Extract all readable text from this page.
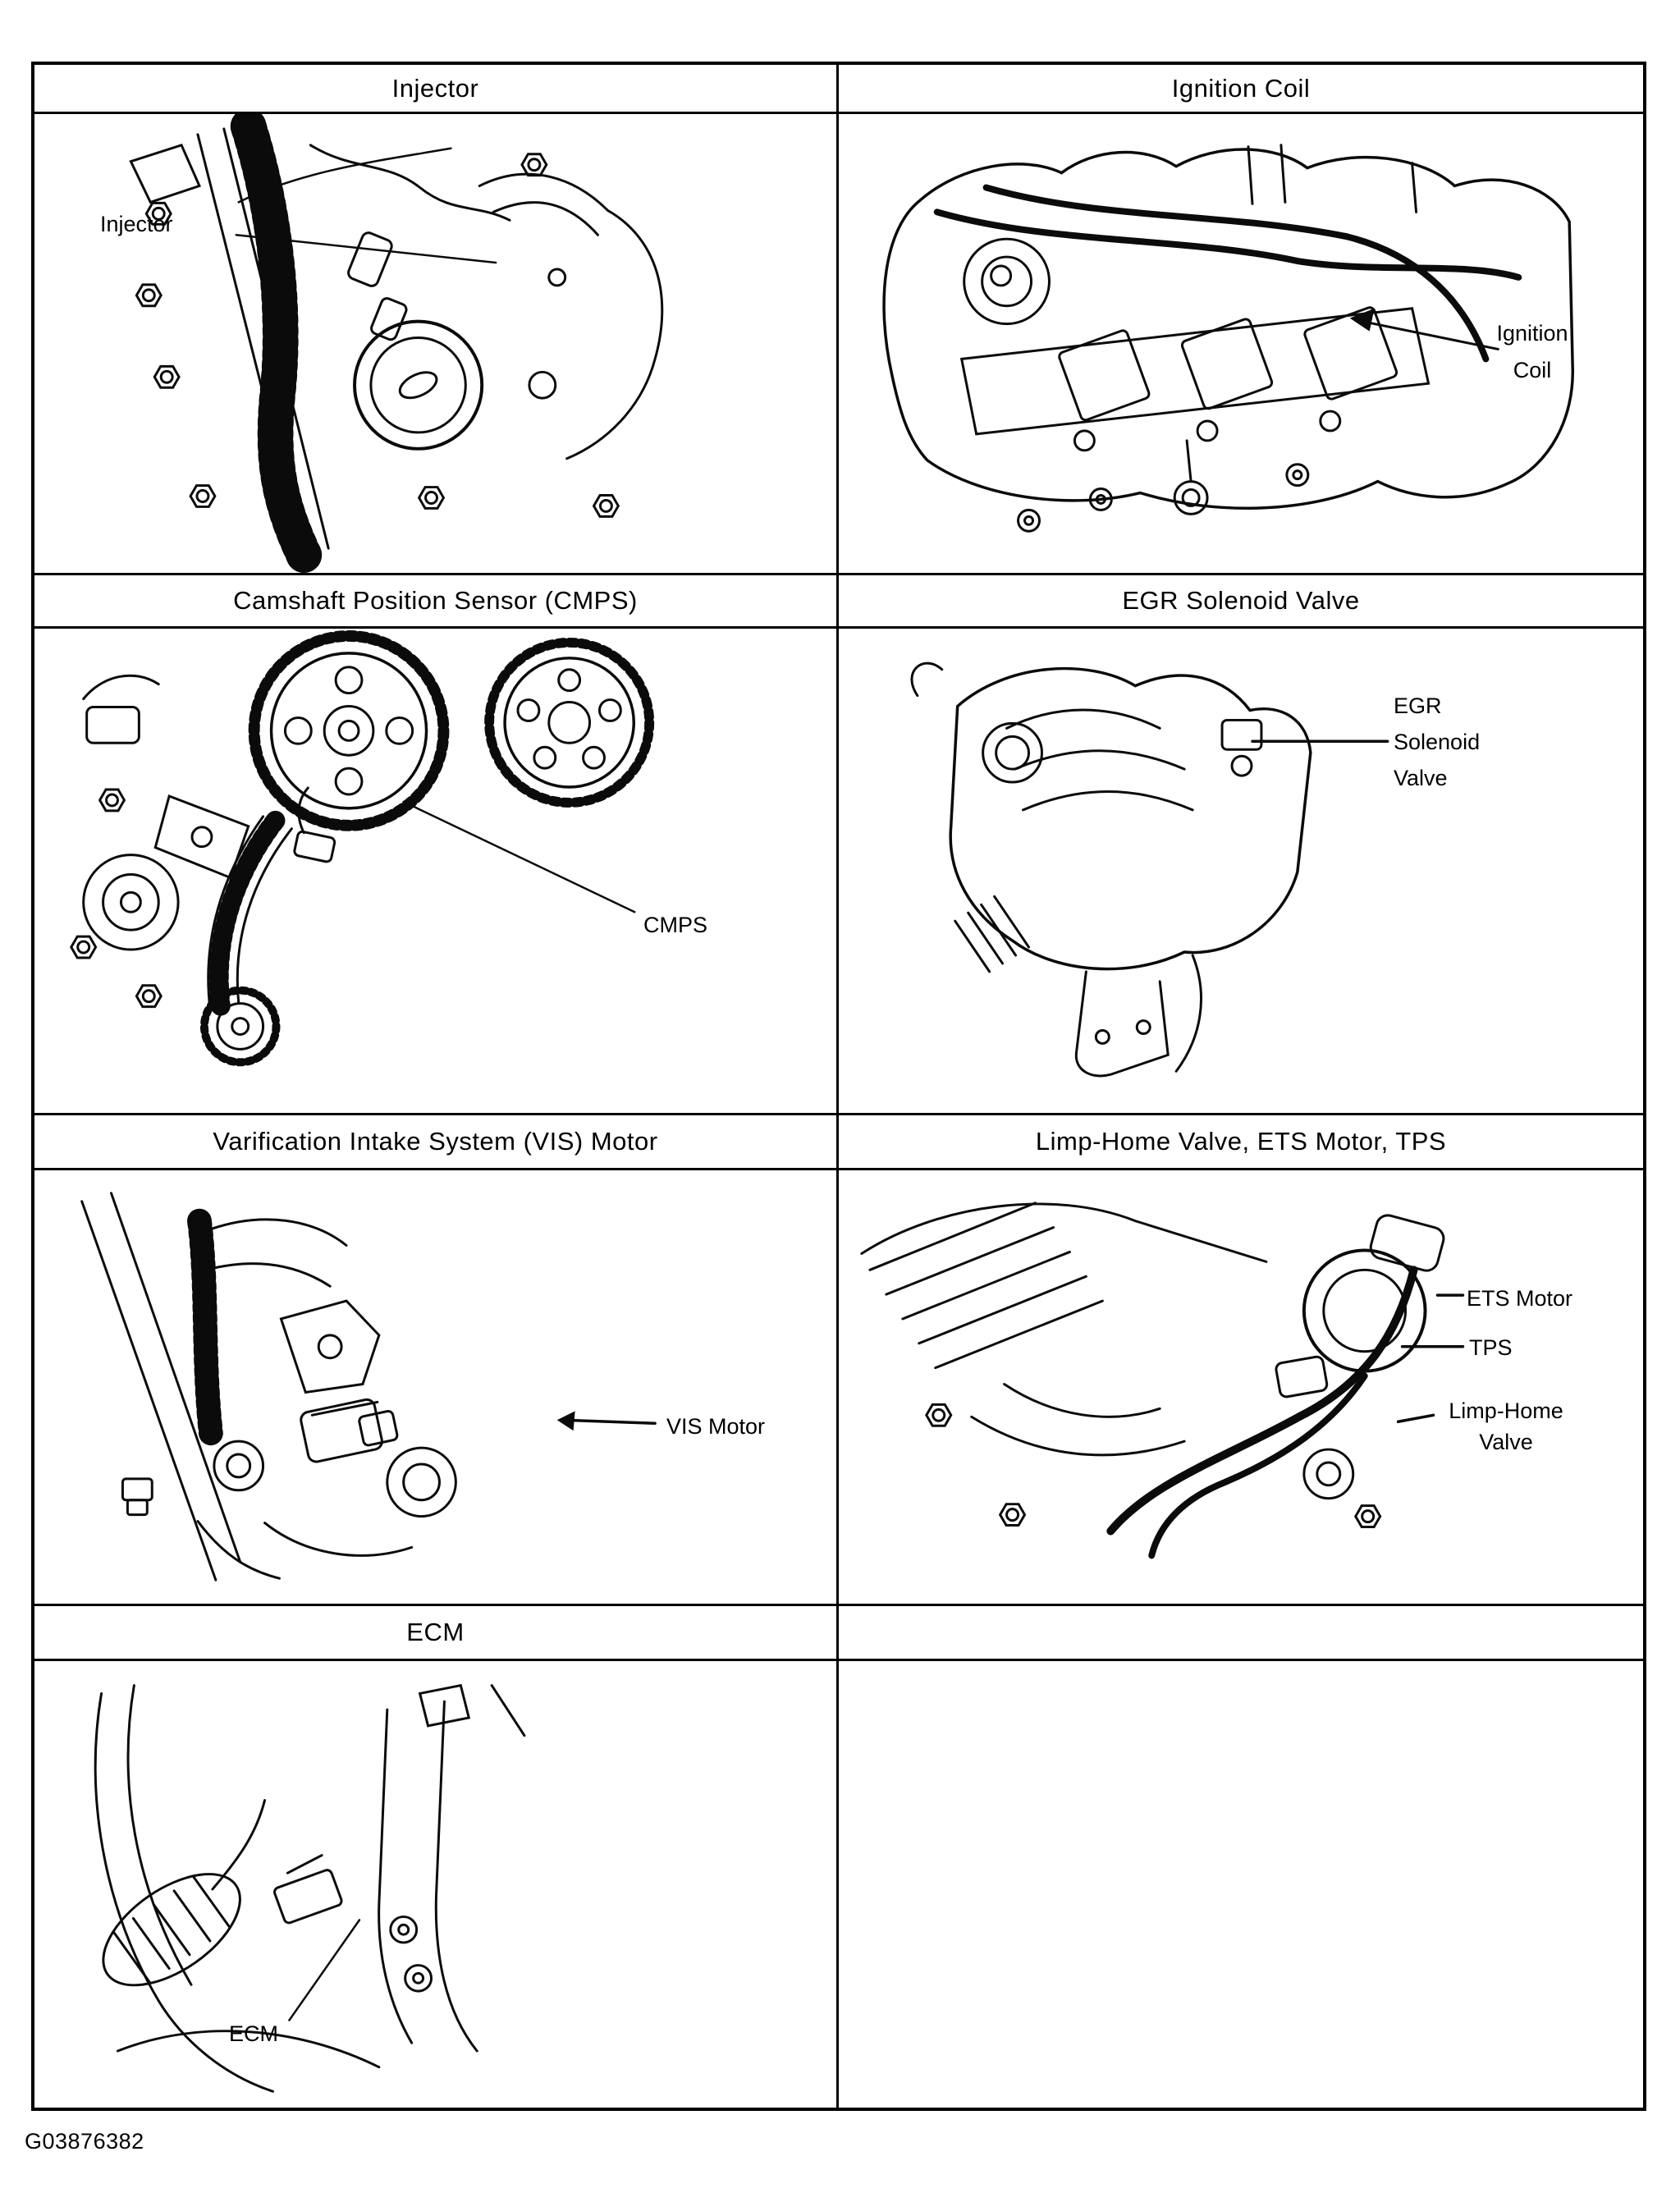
Injector	Ignition Coil
Injector
Ignition
Coil
Camshaft Position Sensor (CMPS)	EGR Solenoid Valve
CMPS
EGR
Solenoid
Valve
Varification Intake System (VIS) Motor	Limp-Home Valve, ETS Motor, TPS
VIS Motor
ETS Motor
TPS
Limp-Home
Valve
ECM
ECM
G03876382
